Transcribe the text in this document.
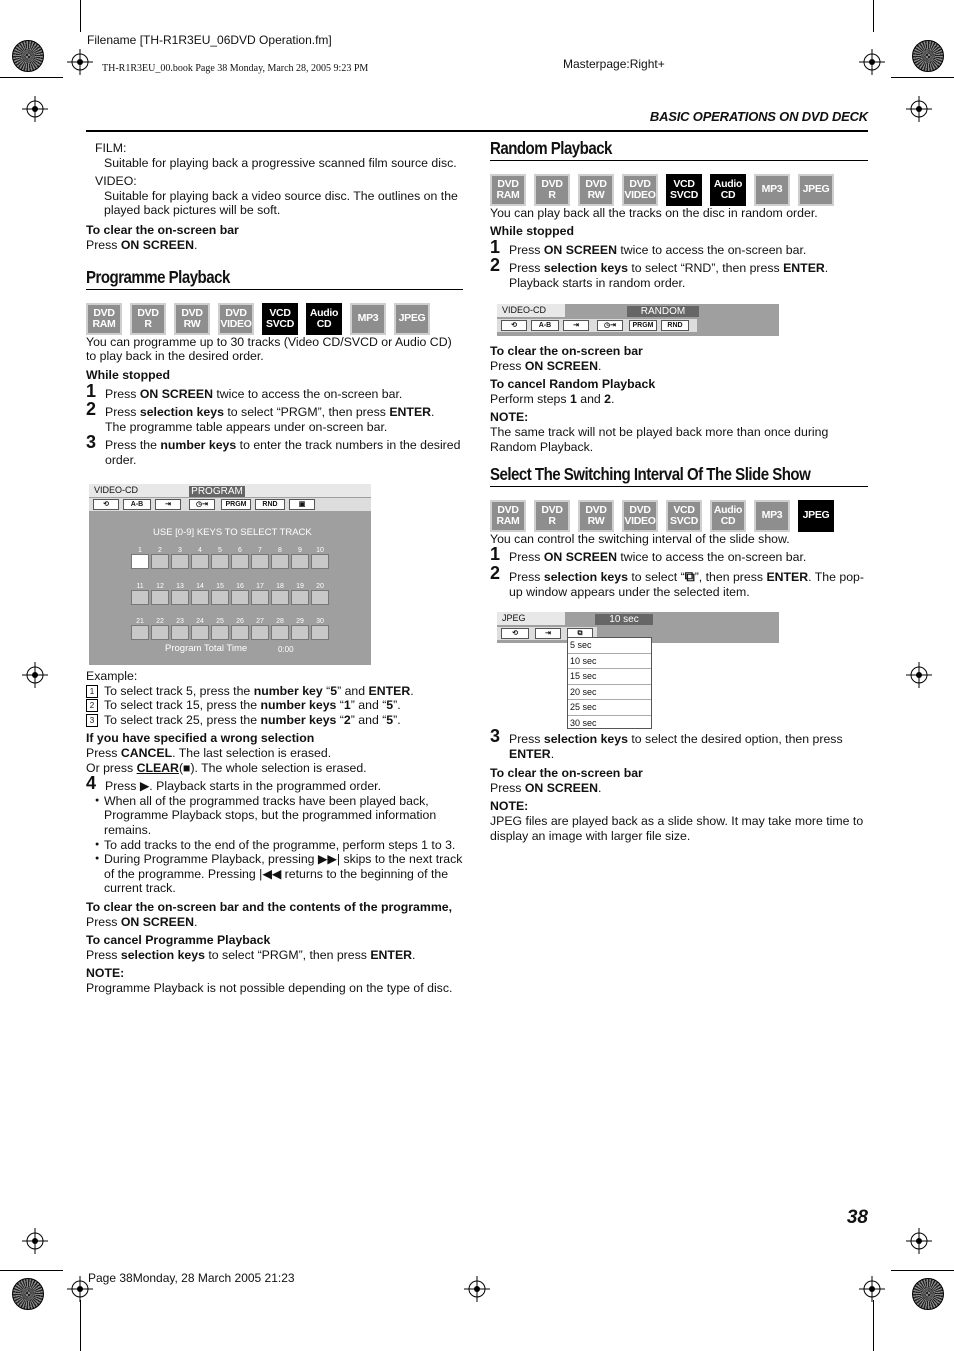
Filename [TH-R1R3EU_06DVD Operation.fm]
TH-R1R3EU_00.book Page 38 Monday, March 28, 2005 9:23 PM	Masterpage:Right+
BASIC OPERATIONS ON DVD DECK

FILM:

Suitable for playing back a progressive scanned film source disc.

VIDEO:

Suitable for playing back a video source disc. The outlines on the played back pictures will be soft.

To clear the on-screen bar

Press ON SCREEN.

Programme Playback
DVD
RAM
DVD
R
DVD
RW
DVD
VIDEO
VCD
SVCD
Audio
CD	MP3	JPEG

You can programme up to 30 tracks (Video CD/SVCD or Audio CD) to play back in the desired order.

While stopped

1 Press ON SCREEN twice to access the on-screen bar.
2 Press selection keys to select “PRGM”, then press ENTER.
The programme table appears under on-screen bar.
3 Press the number keys to enter the track numbers in the desired order.
VIDEO-CD	PROGRAM
⟲	A-B	⇥	◷⇥	PRGM	RND	▣
USE [0-9] KEYS TO SELECT TRACK
1	2	3	4	5	6	7	8	9	10
11	12	13	14	15	16	17	18	19	20
21	22	23	24	25	26	27	28	29	30
Program Total Time	0:00

Example:

1 To select track 5, press the number key “5” and ENTER.

2 To select track 15, press the number keys “1” and “5”.

3 To select track 25, press the number keys “2” and “5”.

If you have specified a wrong selection

Press CANCEL. The last selection is erased.

Or press CLEAR(■). The whole selection is erased.

4 Press ▶. Playback starts in the programmed order.
● When all of the programmed tracks have been played back, Programme Playback stops, but the programmed information remains.
● To add tracks to the end of the programme, perform steps 1 to 3.
● During Programme Playback, pressing ▶▶| skips to the next track of the programme. Pressing |◀◀ returns to the beginning of the current track.

To clear the on-screen bar and the contents of the programme,

Press ON SCREEN.

To cancel Programme Playback

Press selection keys to select “PRGM”, then press ENTER.

NOTE:

Programme Playback is not possible depending on the type of disc.

Random Playback
DVD
RAM
DVD
R
DVD
RW
DVD
VIDEO
VCD
SVCD
Audio
CD	MP3	JPEG

You can play back all the tracks on the disc in random order.

While stopped

1 Press ON SCREEN twice to access the on-screen bar.
2 Press selection keys to select “RND”, then press ENTER.
Playback starts in random order.
VIDEO-CD	RANDOM
⟲	A-B	⇥	◷⇥	PRGM	RND

To clear the on-screen bar

Press ON SCREEN.

To cancel Random Playback

Perform steps 1 and 2.

NOTE:

The same track will not be played back more than once during Random Playback.

Select The Switching Interval Of The Slide Show
DVD
RAM
DVD
R
DVD
RW
DVD
VIDEO
VCD
SVCD
Audio
CD	MP3	JPEG

You can control the switching interval of the slide show.

1 Press ON SCREEN twice to access the on-screen bar.
2 Press selection keys to select “⧉”, then press ENTER. The pop-up window appears under the selected item.
JPEG	10 sec
⟲	⇥	⧉
5 sec
10 sec
15 sec
20 sec
25 sec
30 sec
3 Press selection keys to select the desired option, then press ENTER.

To clear the on-screen bar

Press ON SCREEN.

NOTE:

JPEG files are played back as a slide show. It may take more time to display an image with larger file size.

38
Page 38Monday, 28 March 2005 21:23
